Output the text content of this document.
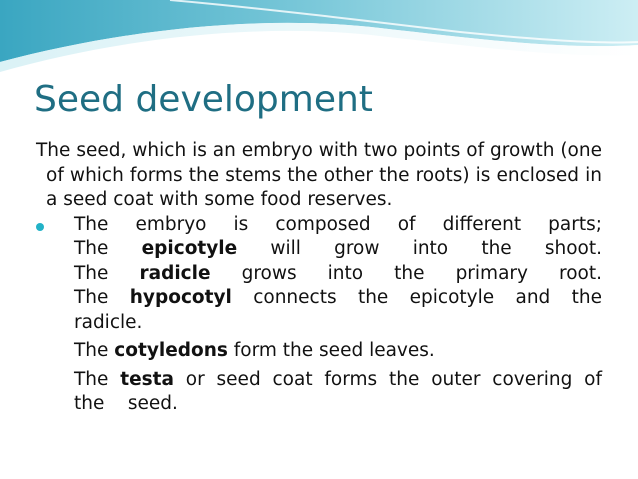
Seed development

The seed, which is an embryo with two points of growth (one of which forms the stems the other the roots) is enclosed in a seed coat with some food reserves.

The embryo is composed of different parts;
The epicotyle will grow into the shoot.
The radicle grows into the primary root.
The hypocotyl connects the epicotyle and the
radicle.

The cotyledons form the seed leaves.

The testa or seed coat forms the outer covering of
the    seed.
